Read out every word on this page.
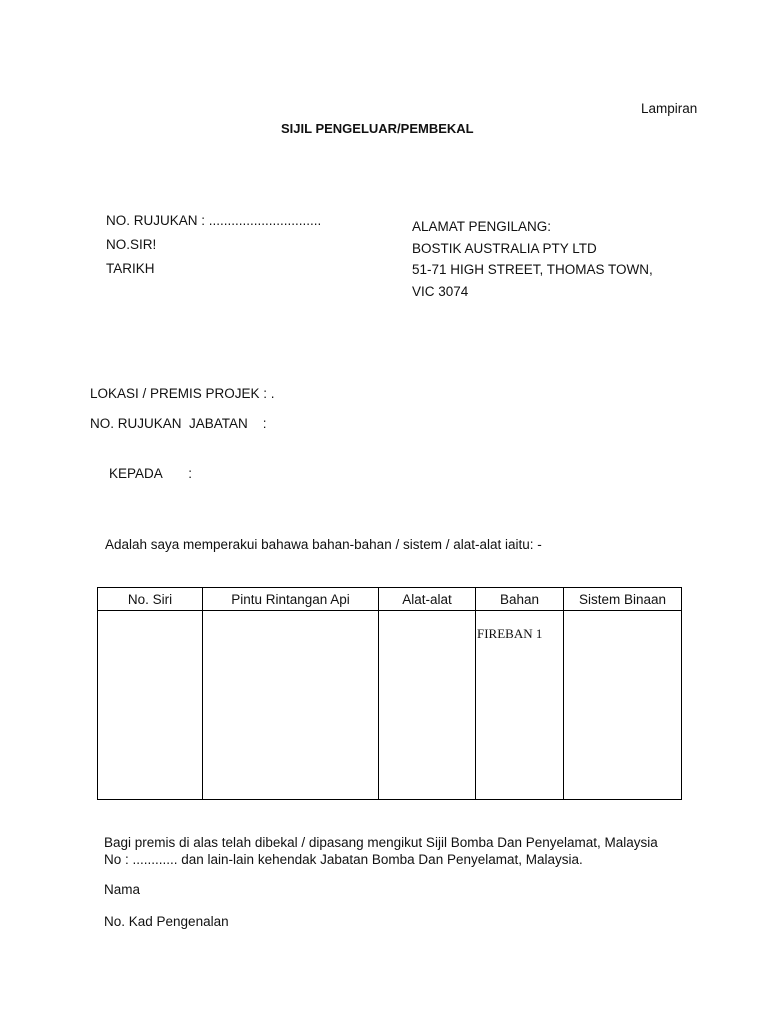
Lampiran
SIJIL PENGELUAR/PEMBEKAL
NO. RUJUKAN : ..............................
NO.SIR!
TARIKH
ALAMAT PENGILANG:
BOSTIK AUSTRALIA PTY LTD
51-71 HIGH STREET, THOMAS TOWN,
VIC 3074
LOKASI / PREMIS PROJEK : .
NO. RUJUKAN  JABATAN    :
KEPADA       :
Adalah saya memperakui bahawa bahan-bahan / sistem / alat-alat iaitu: -
No. Siri	Pintu Rintangan Api	Alat-alat	Bahan	Sistem Binaan

			FIREBAN 1	

Bagi premis di alas telah dibekal / dipasang mengikut Sijil Bomba Dan Penyelamat, Malaysia
No : ............ dan lain-lain kehendak Jabatan Bomba Dan Penyelamat, Malaysia.
Nama
No. Kad Pengenalan
